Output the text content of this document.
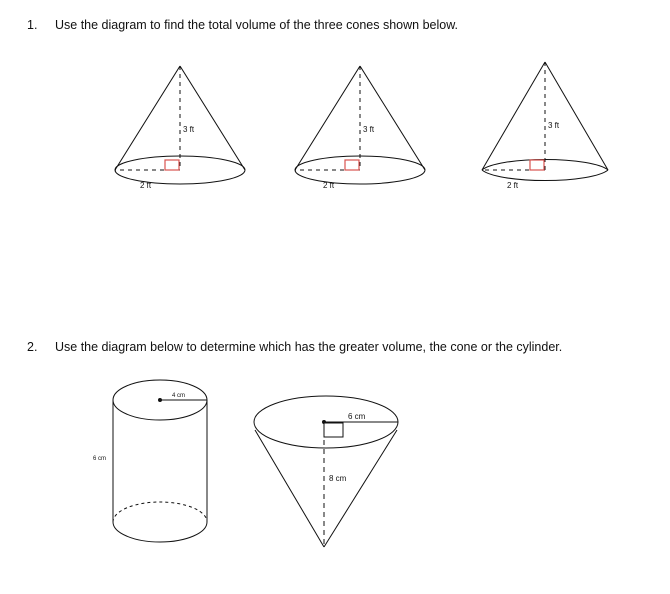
1. Use the diagram to find the total volume of the three cones shown below.
3 ft
2 ft
3 ft
2 ft
3 ft
2 ft
2. Use the diagram below to determine which has the greater volume, the cone or the cylinder.
4 cm
6 cm
6 cm
8 cm
